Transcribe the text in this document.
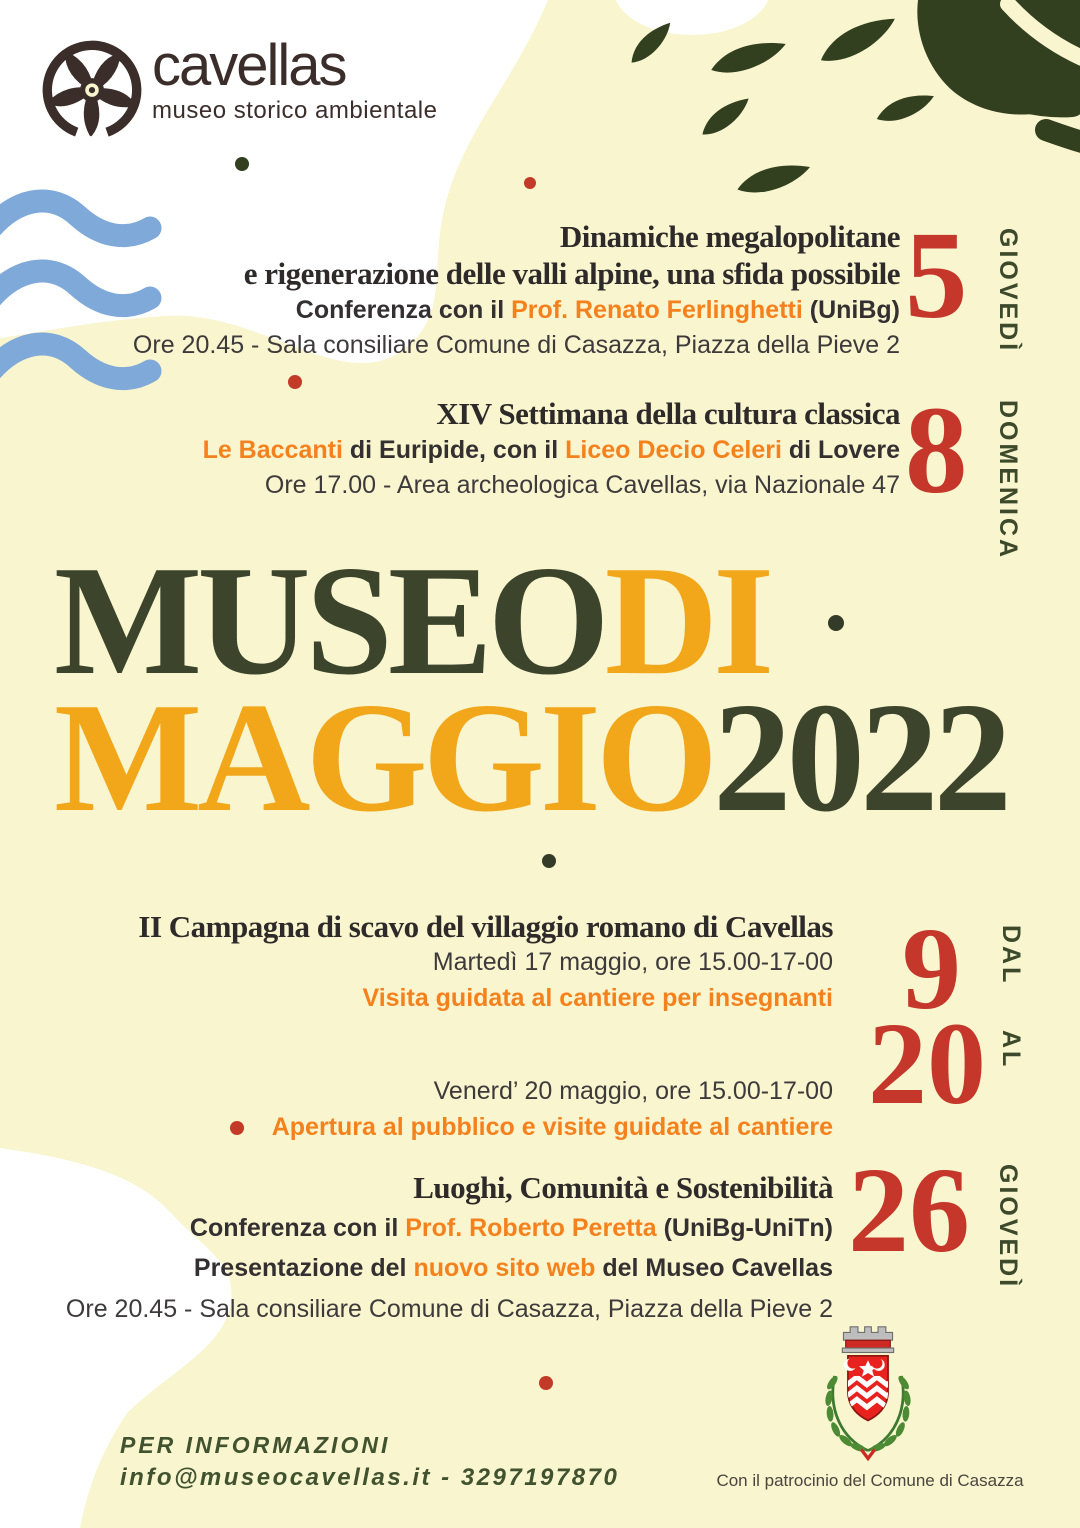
cavellas
museo storico ambientale
Dinamiche megalopolitane
e rigenerazione delle valli alpine, una sfida possibile
Conferenza con il Prof. Renato Ferlinghetti (UniBg)
Ore 20.45 - Sala consiliare Comune di Casazza, Piazza della Pieve 2 5 GIOVEDÌ
XIV Settimana della cultura classica
Le Baccanti di Euripide, con il Liceo Decio Celeri di Lovere
Ore 17.00 - Area archeologica Cavellas, via Nazionale 47 8 DOMENICA
MUSEODI
MAGGIO2022
II Campagna di scavo del villaggio romano di Cavellas
Martedì 17 maggio, ore 15.00-17-00
Visita guidata al cantiere per insegnanti
Venerd’ 20 maggio, ore 15.00-17-00
Apertura al pubblico e visite guidate al cantiere
9 DAL
20 AL
Luoghi, Comunità e Sostenibilità
Conferenza con il Prof. Roberto Peretta (UniBg-UniTn)
Presentazione del nuovo sito web del Museo Cavellas
Ore 20.45 - Sala consiliare Comune di Casazza, Piazza della Pieve 2
26 GIOVEDÌ
PER INFORMAZIONI
info@museocavellas.it - 3297197870	Con il patrocinio del Comune di Casazza
